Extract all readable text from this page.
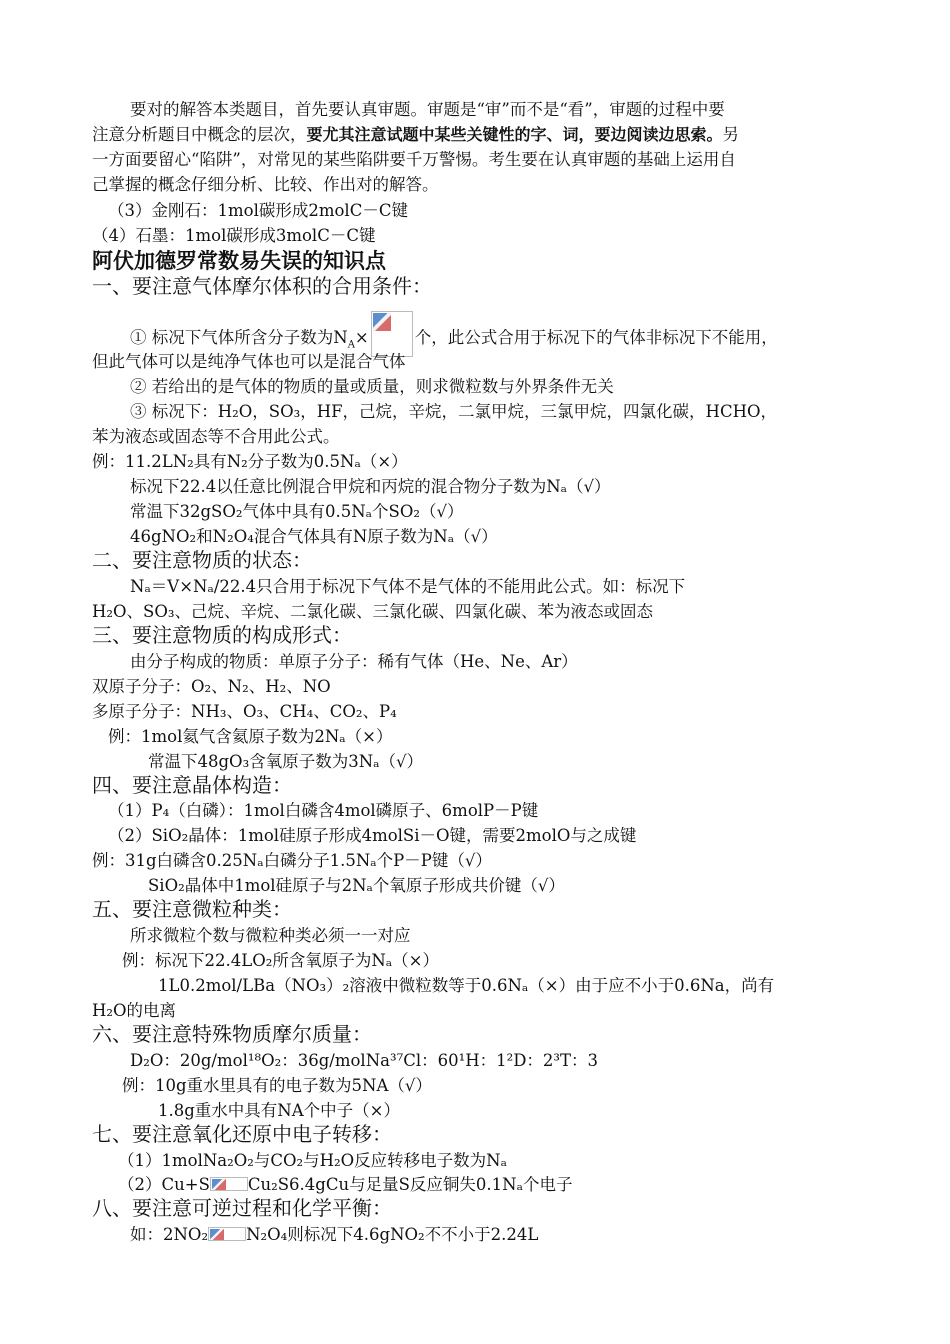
要对的解答本类题目，首先要认真审题。审题是“审”而不是“看”，审题的过程中要
注意分析题目中概念的层次，要尤其注意试题中某些关键性的字、词，要边阅读边思索。另
一方面要留心“陷阱”，对常见的某些陷阱要千万警惕。考生要在认真审题的基础上运用自
己掌握的概念仔细分析、比较、作出对的解答。
（3）金刚石：1mol碳形成2molC－C键
（4）石墨：1mol碳形成3molC－C键
阿伏加德罗常数易失误的知识点
一、要注意气体摩尔体积的合用条件：
① 标况下气体所含分子数为$N_A\times$	个，此公式合用于标况下的气体非标况下不能用，
但此气体可以是纯净气体也可以是混合气体
② 若给出的是气体的物质的量或质量，则求微粒数与外界条件无关
③ 标况下：H₂O，SO₃，HF，己烷，辛烷，二氯甲烷，三氯甲烷，四氯化碳，HCHO，
苯为液态或固态等不合用此公式。
例：11.2LN₂具有N₂分子数为0.5Nₐ（×）
标况下22.4以任意比例混合甲烷和丙烷的混合物分子数为Nₐ（√）
常温下32gSO₂气体中具有0.5Nₐ个SO₂（√）
46gNO₂和N₂O₄混合气体具有N原子数为Nₐ（√）
二、要注意物质的状态：
Nₐ＝V×Nₐ/22.4只合用于标况下气体不是气体的不能用此公式。如：标况下
H₂O、SO₃、己烷、辛烷、二氯化碳、三氯化碳、四氯化碳、苯为液态或固态
三、要注意物质的构成形式：
由分子构成的物质：单原子分子：稀有气体（He、Ne、Ar）
双原子分子：O₂、N₂、H₂、NO
多原子分子：NH₃、O₃、CH₄、CO₂、P₄
例：1mol氦气含氦原子数为2Nₐ（×）
常温下48gO₃含氧原子数为3Nₐ（√）
四、要注意晶体构造：
（1）P₄（白磷）：1mol白磷含4mol磷原子、6molP－P键
（2）SiO₂晶体：1mol硅原子形成4molSi－O键，需要2molO与之成键
例：31g白磷含0.25Nₐ白磷分子1.5Nₐ个P－P键（√）
SiO₂晶体中1mol硅原子与2Nₐ个氧原子形成共价键（√）
五、要注意微粒种类：
所求微粒个数与微粒种类必须一一对应
例：标况下22.4LO₂所含氧原子为Nₐ（×）
1L0.2mol/LBa（NO₃）₂溶液中微粒数等于0.6Nₐ（×）由于应不小于0.6Na，尚有
H₂O的电离
六、要注意特殊物质摩尔质量：
D₂O：20g/mol¹⁸O₂：36g/molNa³⁷Cl：60¹H：1²D：2³T：3
例：10g重水里具有的电子数为5NA（√）
1.8g重水中具有NA个中子（×）
七、要注意氧化还原中电子转移：
（1）1molNa₂O₂与CO₂与H₂O反应转移电子数为Nₐ
（2）Cu+S Cu₂S6.4gCu与足量S反应铜失0.1Nₐ个电子
八、要注意可逆过程和化学平衡：
如：2NO₂ N₂O₄则标况下4.6gNO₂不不小于2.24L
